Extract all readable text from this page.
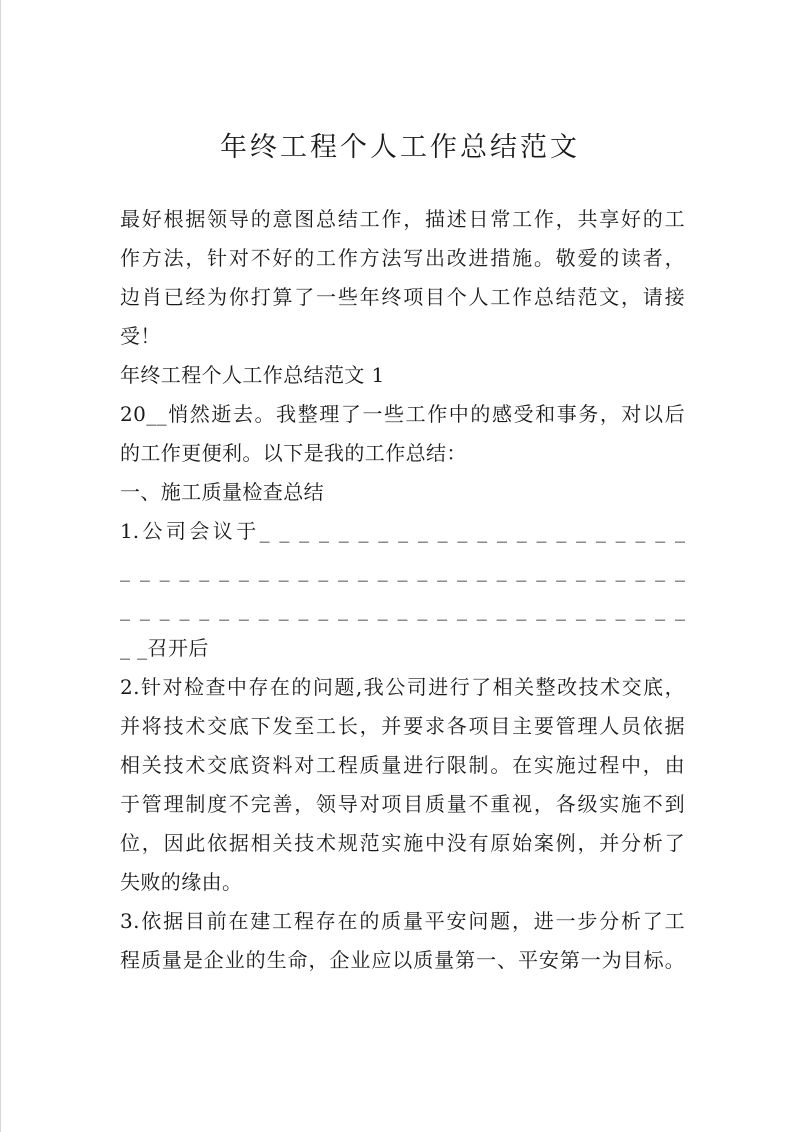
年终工程个人工作总结范文
最好根据领导的意图总结工作，描述日常工作，共享好的工
作方法，针对不好的工作方法写出改进措施。敬爱的读者，
边肖已经为你打算了一些年终项目个人工作总结范文，请接
受！
年终工程个人工作总结范文 1
20__悄然逝去。我整理了一些工作中的感受和事务，对以后
的工作更便利。以下是我的工作总结：
一、施工质量检查总结
1.公司会议于_ _ _ _ _ _ _ _ _ _ _ _ _ _ _ _ _ _ _ _ _ _
_ _ _ _ _ _ _ _ _ _ _ _ _ _ _ _ _ _ _ _ _ _ _ _ _ _ _ _ _
_ _ _ _ _ _ _ _ _ _ _ _ _ _ _ _ _ _ _ _ _ _ _ _ _ _ _ _ _
_ _召开后
2.针对检查中存在的问题,我公司进行了相关整改技术交底，
并将技术交底下发至工长，并要求各项目主要管理人员依据
相关技术交底资料对工程质量进行限制。在实施过程中，由
于管理制度不完善，领导对项目质量不重视，各级实施不到
位，因此依据相关技术规范实施中没有原始案例，并分析了
失败的缘由。
3.依据目前在建工程存在的质量平安问题，进一步分析了工
程质量是企业的生命，企业应以质量第一、平安第一为目标。
